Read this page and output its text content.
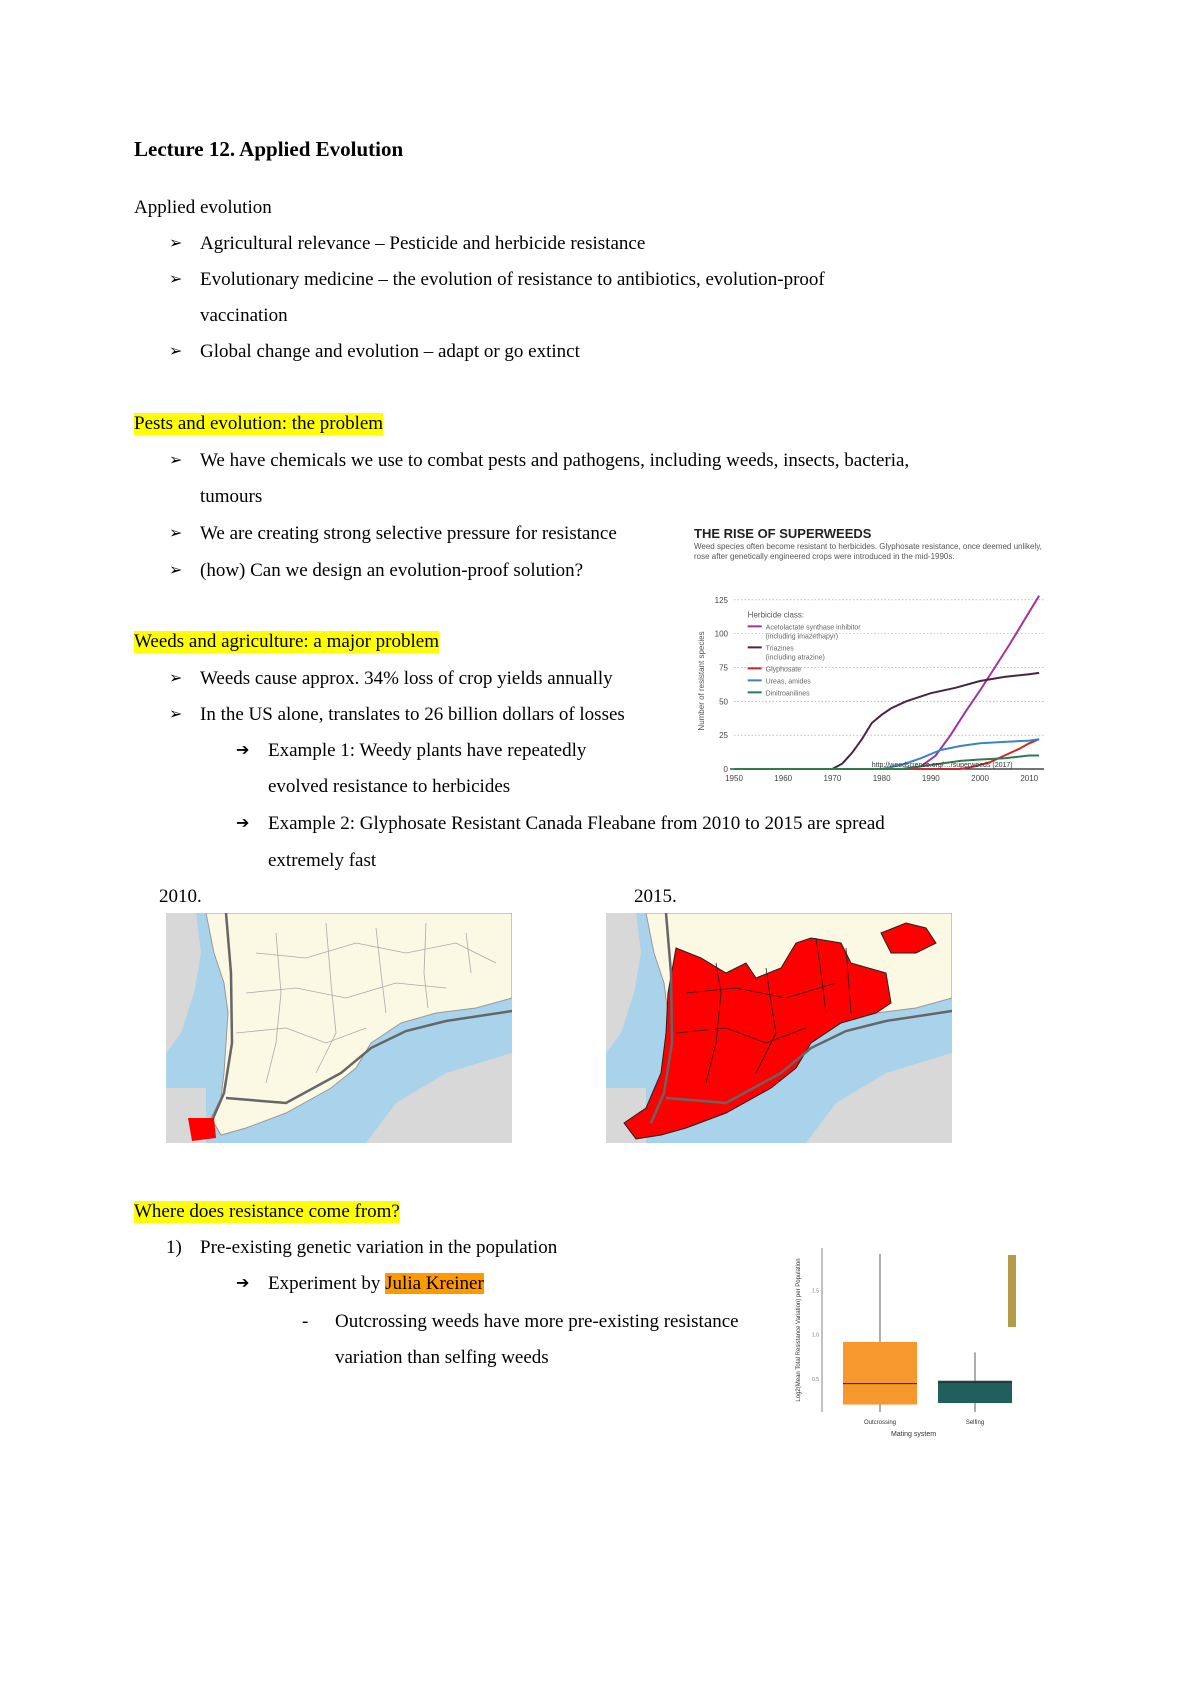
Lecture 12. Applied Evolution
Applied evolution
➢ Agricultural relevance – Pesticide and herbicide resistance
➢ Evolutionary medicine – the evolution of resistance to antibiotics, evolution-proof
vaccination
➢ Global change and evolution – adapt or go extinct
Pests and evolution: the problem
➢ We have chemicals we use to combat pests and pathogens, including weeds, insects, bacteria,
tumours
➢ We are creating strong selective pressure for resistance
➢ (how) Can we design an evolution-proof solution?
Weeds and agriculture: a major problem
➢ Weeds cause approx. 34% loss of crop yields annually
➢ In the US alone, translates to 26 billion dollars of losses
➔ Example 1: Weedy plants have repeatedly
evolved resistance to herbicides
➔ Example 2: Glyphosate Resistant Canada Fleabane from 2010 to 2015 are spread
extremely fast
2010.	2015.
Where does resistance come from?
1) Pre-existing genetic variation in the population
➔ Experiment by Julia Kreiner
- Outcrossing weeds have more pre-existing resistance
variation than selfing weeds
THE RISE OF SUPERWEEDS
Weed species often become resistant to herbicides. Glyphosate resistance, once deemed unlikely, rose after genetically engineered crops were introduced in the mid-1990s.
0
25
50
75
100
125
1950	1960	1970	1980	1990	2000	2010
Herbicide class:
Acetolactate synthase inhibitor
(including imazethapyr)
Triazines
(including atrazine)
Glyphosate
Ureas, amides
Dinitroanilines
Number of resistant species
http://weedscience.org/…/superweeds (2017)
1.5
1.0
0.5
Outcrossing	Selfing
Mating system
Log2(Mean Total Resistance Variation) per Population
